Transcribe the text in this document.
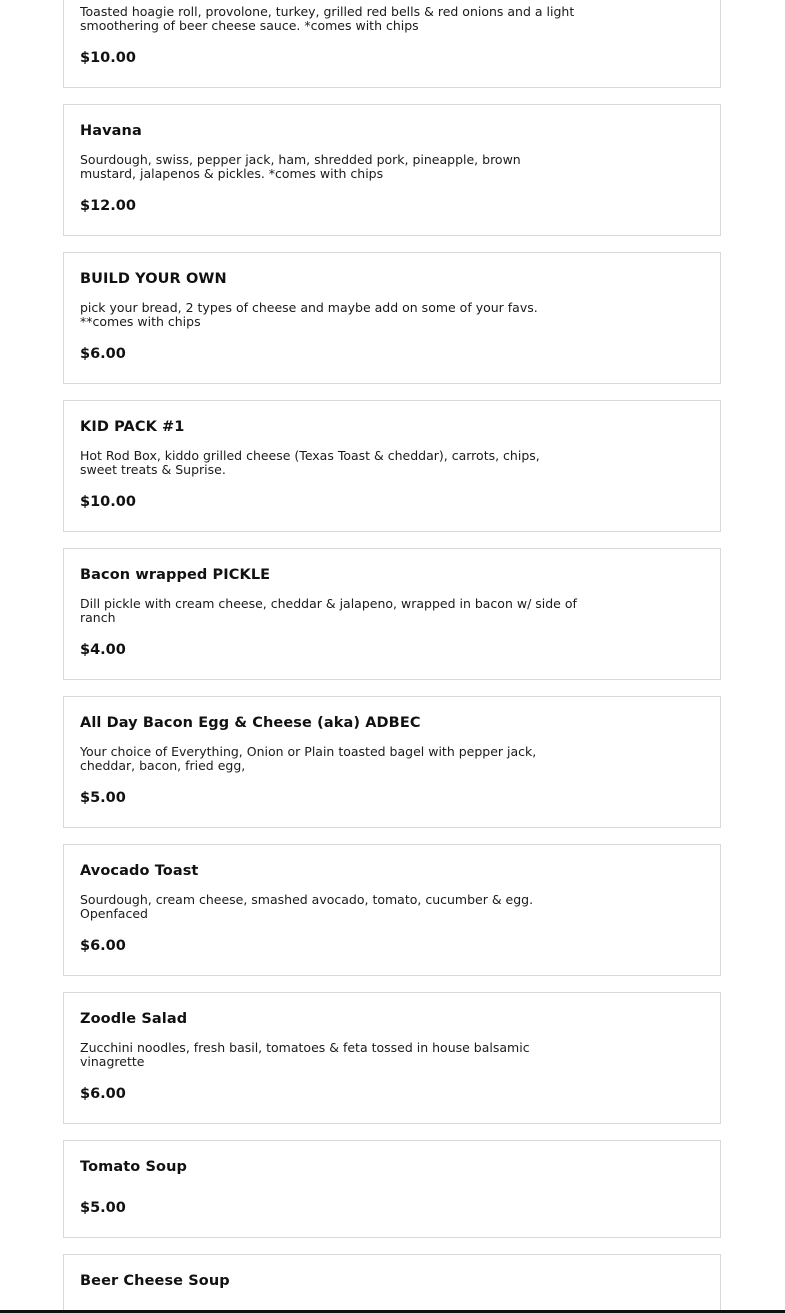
Toasted hoagie roll, provolone, turkey, grilled red bells & red onions and a light smoothering of beer cheese sauce. *comes with chips
$10.00
Havana
Sourdough, swiss, pepper jack, ham, shredded pork, pineapple, brown mustard, jalapenos & pickles. *comes with chips
$12.00
BUILD YOUR OWN
pick your bread, 2 types of cheese and maybe add on some of your favs. **comes with chips
$6.00
KID PACK #1
Hot Rod Box, kiddo grilled cheese (Texas Toast & cheddar), carrots, chips, sweet treats & Suprise.
$10.00
Bacon wrapped PICKLE
Dill pickle with cream cheese, cheddar & jalapeno, wrapped in bacon w/ side of ranch
$4.00
All Day Bacon Egg & Cheese (aka) ADBEC
Your choice of Everything, Onion or Plain toasted bagel with pepper jack, cheddar, bacon, fried egg,
$5.00
Avocado Toast
Sourdough, cream cheese, smashed avocado, tomato, cucumber & egg. Openfaced
$6.00
Zoodle Salad
Zucchini noodles, fresh basil, tomatoes & feta tossed in house balsamic vinagrette
$6.00
Tomato Soup
$5.00
Beer Cheese Soup
